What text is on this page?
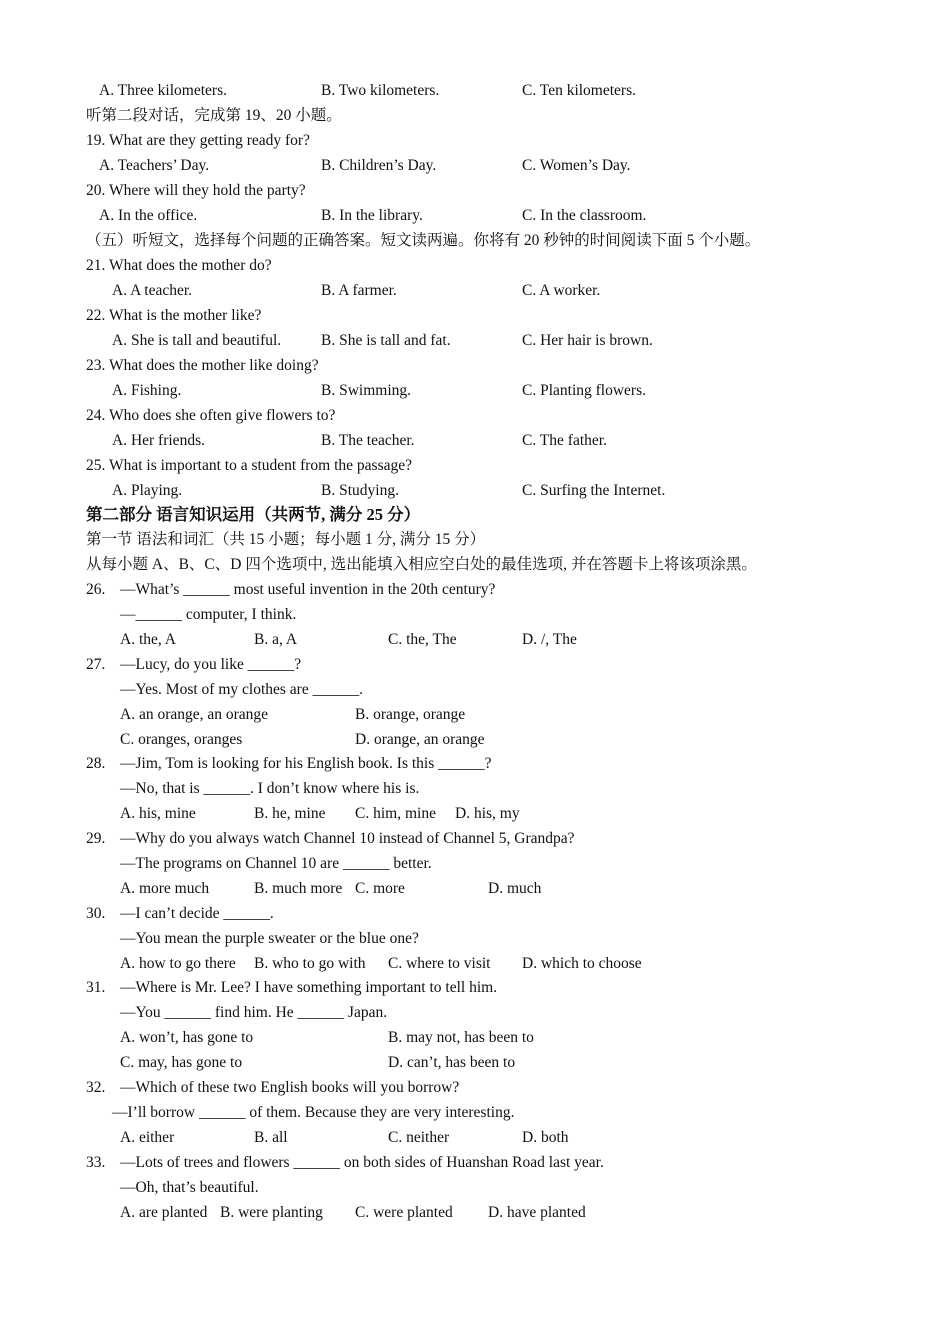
A. Three kilometers.	B. Two kilometers.	C. Ten kilometers.
听第二段对话，完成第 19、20 小题。
19. What are they getting ready for?
A. Teachers’ Day.	B. Children’s Day.	C. Women’s Day.
20. Where will they hold the party?
A. In the office.	B. In the library.	C. In the classroom.
（五）听短文，选择每个问题的正确答案。短文读两遍。你将有 20 秒钟的时间阅读下面 5 个小题。
21. What does the mother do?
A. A teacher.	B. A farmer.	C. A worker.
22. What is the mother like?
A. She is tall and beautiful.	B. She is tall and fat.	C. Her hair is brown.
23. What does the mother like doing?
A. Fishing.	B. Swimming.	C. Planting flowers.
24. Who does she often give flowers to?
A. Her friends.	B. The teacher.	C. The father.
25. What is important to a student from the passage?
A. Playing.	B. Studying.	C. Surfing the Internet.
第二部分 语言知识运用（共两节, 满分 25 分）
第一节 语法和词汇（共 15 小题；每小题 1 分, 满分 15 分）
从每小题 A、B、C、D 四个选项中, 选出能填入相应空白处的最佳选项, 并在答题卡上将该项涂黑。
26. —What’s ______ most useful invention in the 20th century?
—______ computer, I think.
A. the, A	B. a, A	C. the, The	D. /, The
27. —Lucy, do you like ______?
—Yes. Most of my clothes are ______.
A. an orange, an orange	B. orange, orange
C. oranges, oranges	D. orange, an orange
28. —Jim, Tom is looking for his English book. Is this ______?
—No, that is ______. I don’t know where his is.
A. his, mine	B. he, mine C. him, mine D. his, my
29. —Why do you always watch Channel 10 instead of Channel 5, Grandpa?
—The programs on Channel 10 are ______ better.
A. more much	B. much more C. more	D. much
30. —I can’t decide ______.
—You mean the purple sweater or the blue one?
A. how to go there B. who to go with C. where to visit D. which to choose
31. —Where is Mr. Lee? I have something important to tell him.
—You ______ find him. He ______ Japan.
A. won’t, has gone to	B. may not, has been to
C. may, has gone to	D. can’t, has been to
32. —Which of these two English books will you borrow?
—I’ll borrow ______ of them. Because they are very interesting.
A. either	B. all	C. neither	D. both
33. —Lots of trees and flowers ______ on both sides of Huanshan Road last year.
—Oh, that’s beautiful.
A. are planted B. were planting C. were planted D. have planted
